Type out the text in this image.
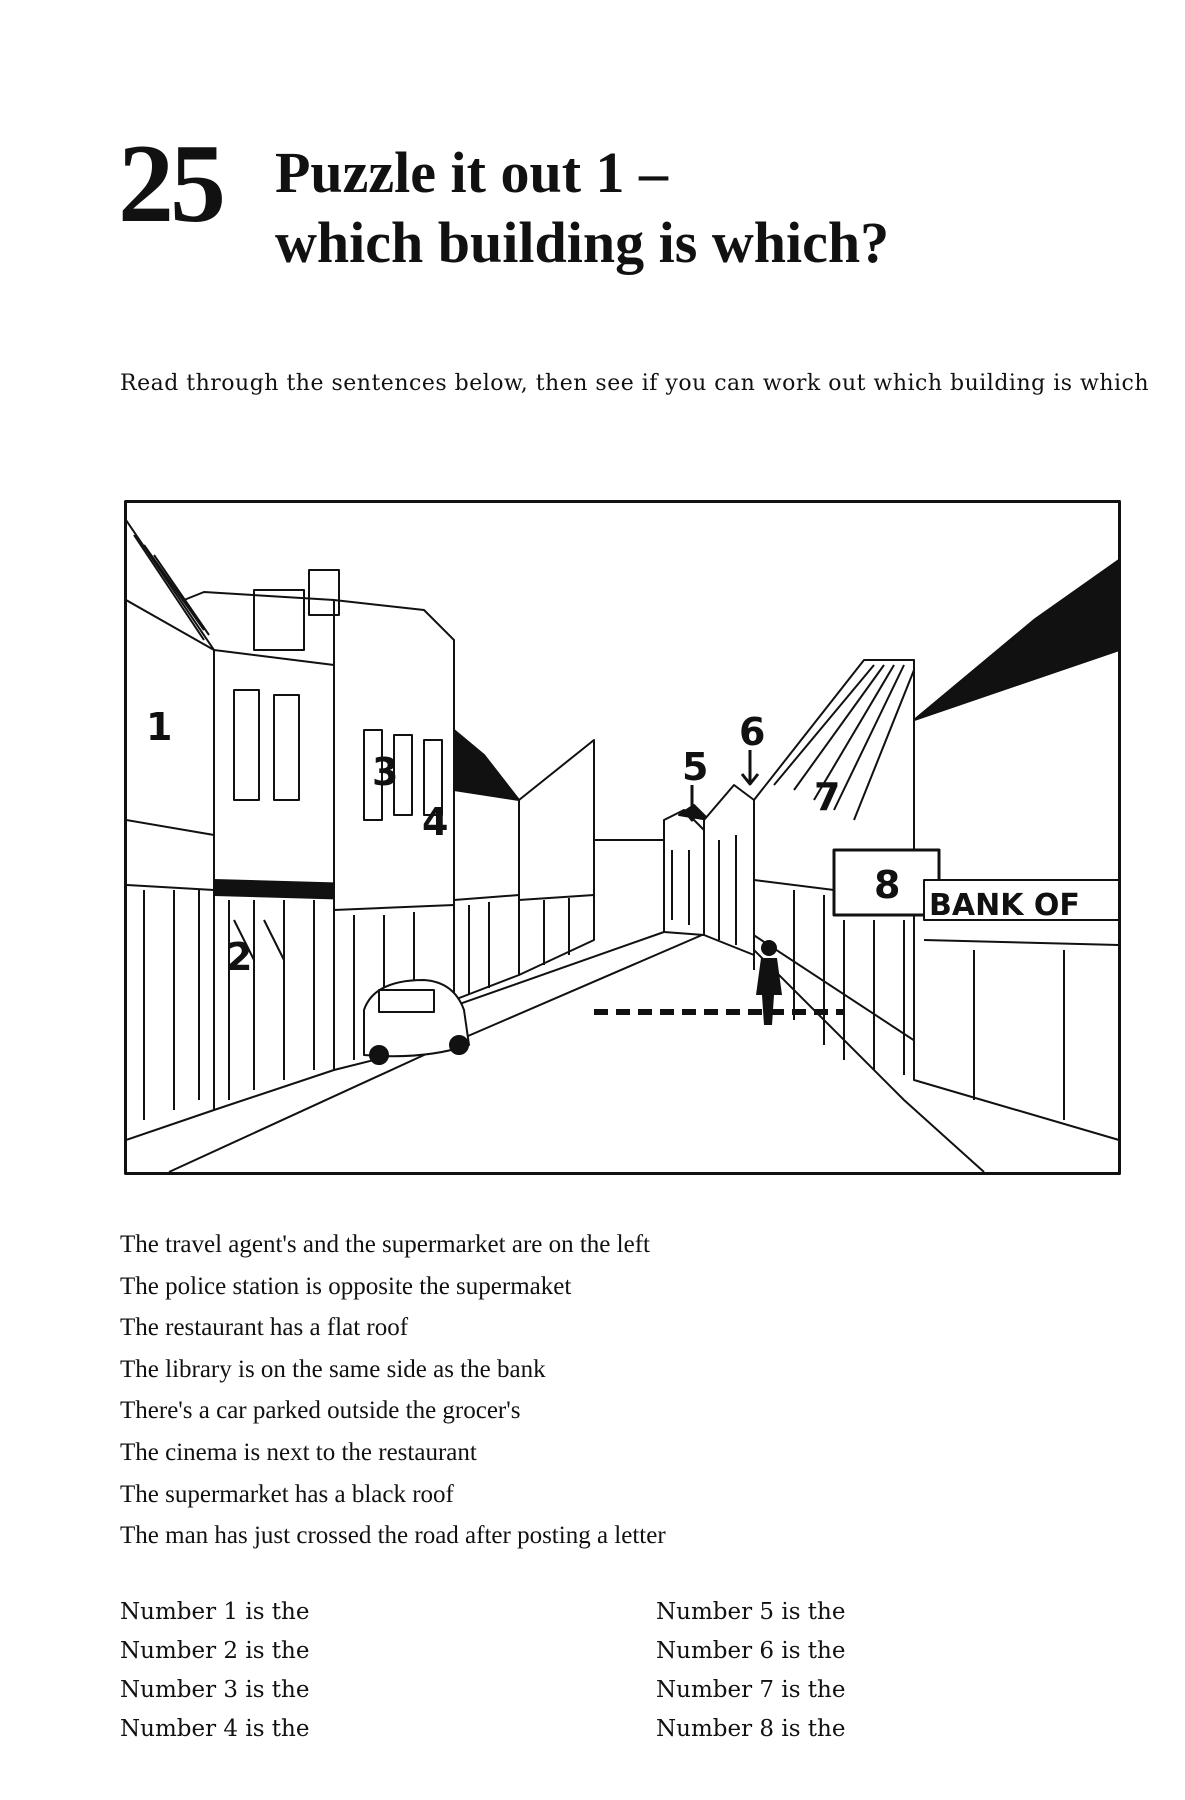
25 Puzzle it out 1 –
which building is which?
Read through the sentences below, then see if you can work out which building is which
1
2
3
4
5
6
7
8 BANK OF
The travel agent's and the supermarket are on the left
The police station is opposite the supermaket
The restaurant has a flat roof
The library is on the same side as the bank
There's a car parked outside the grocer's
The cinema is next to the restaurant
The supermarket has a black roof
The man has just crossed the road after posting a letter
Number 1 is the
Number 2 is the
Number 3 is the
Number 4 is the
Number 5 is the
Number 6 is the
Number 7 is the
Number 8 is the
